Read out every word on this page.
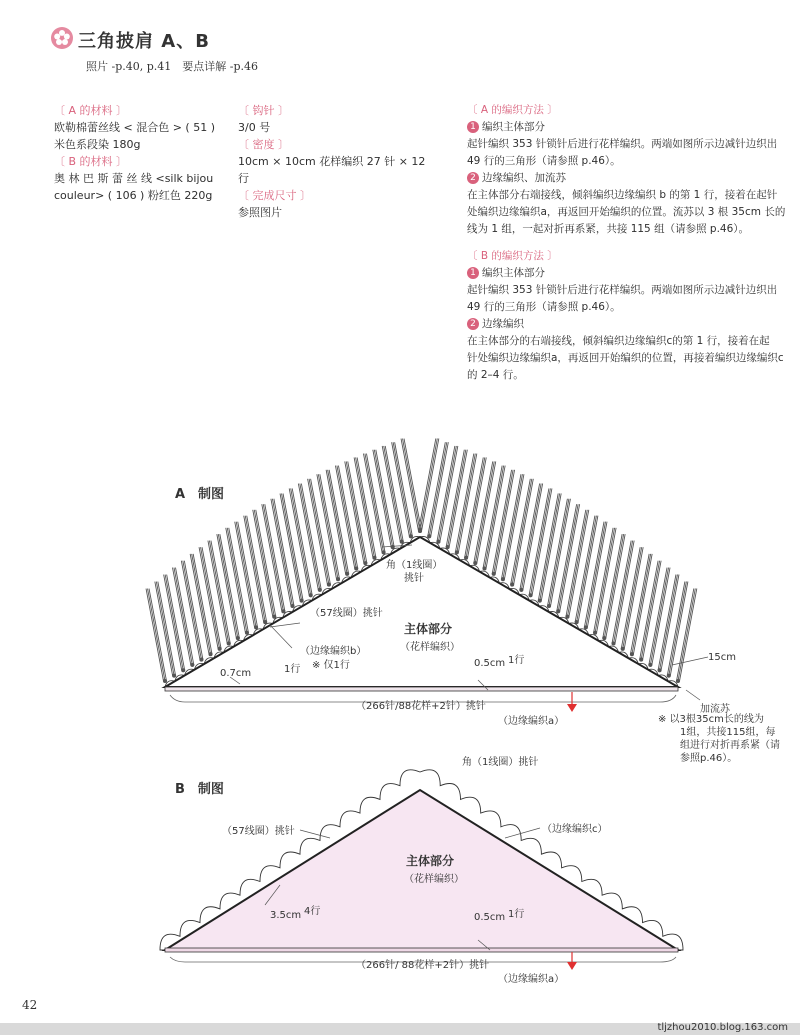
三角披肩 A、B
照片 -p.40, p.41　要点详解 -p.46
〔 A 的材料 〕
欧勒棉蕾丝线 < 混合色 > ( 51 )
米色系段染 180g
〔 B 的材料 〕
奥 林 巴 斯 蕾 丝 线 <silk bijou
couleur> ( 106 ) 粉红色 220g
〔 钩针 〕
3/0 号
〔 密度 〕
10cm × 10cm 花样编织 27 针 × 12 行
〔 完成尺寸 〕
参照图片
〔 A 的编织方法 〕
1 编织主体部分
起针编织 353 针锁针后进行花样编织。两端如图所示边减针边织出
49 行的三角形（请参照 p.46）。
2 边缘编织、加流苏
在主体部分右端接线，倾斜编织边缘编织 b 的第 1 行，接着在起针
处编织边缘编织a，再返回开始编织的位置。流苏以 3 根 35cm 长的
线为 1 组，一起对折再系紧，共接 115 组（请参照 p.46）。
〔 B 的编织方法 〕
1 编织主体部分
起针编织 353 针锁针后进行花样编织。两端如图所示边减针边织出
49 行的三角形（请参照 p.46）。
2 边缘编织
在主体部分的右端接线，倾斜编织边缘编织c的第 1 行，接着在起
针处编织边缘编织a，再返回开始编织的位置，再接着编织边缘编织c
的 2–4 行。
A　制图
角（1线圈）
挑针
（57线圈）挑针
（边缘编织b）
※ 仅1行
主体部分
（花样编织）
0.7cm	1行
0.5cm 1行	15cm
（266针/88花样+2针）挑针
（边缘编织a）
加流苏
※ 以3根35cm长的线为
1组，共接115组，每
组进行对折再系紧（请
参照p.46）。
B　制图
角（1线圈）挑针
（57线圈）挑针	（边缘编织c）
主体部分
（花样编织）
3.5cm 4行
0.5cm 1行
（266针/ 88花样+2针）挑针
（边缘编织a）
42
tljzhou2010.blog.163.com
